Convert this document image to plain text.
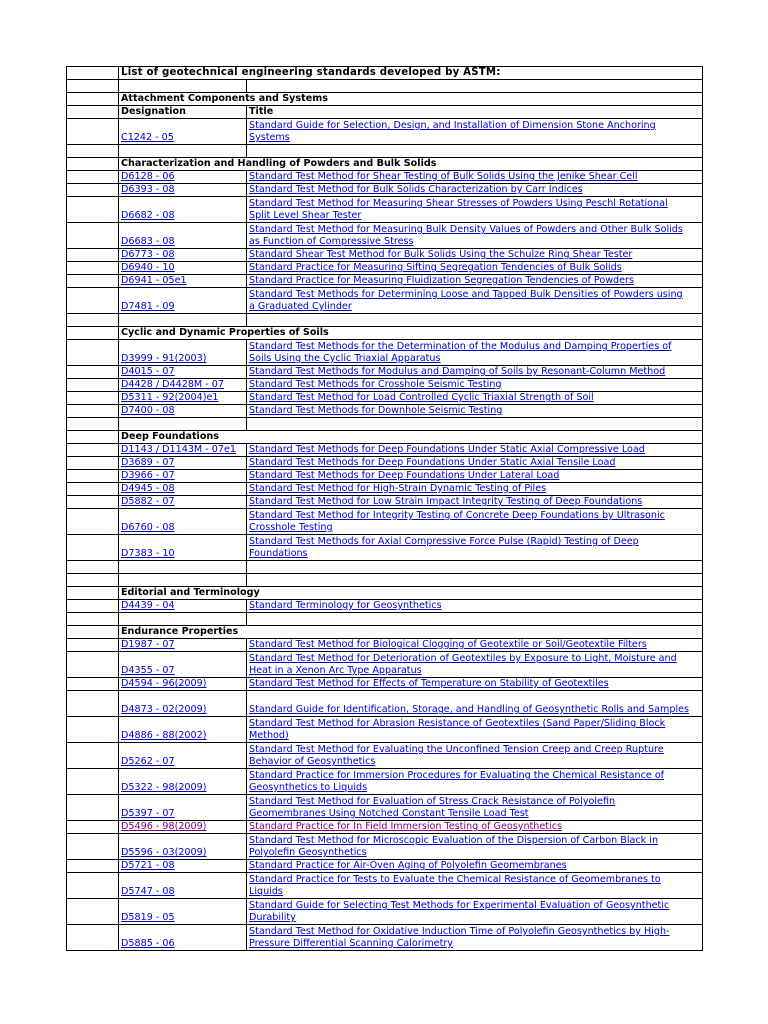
	List of geotechnical engineering standards developed by ASTM:	

	Attachment Components and Systems	
	Designation	Title
	C1242 - 05	Standard Guide for Selection, Design, and Installation of Dimension Stone Anchoring Systems

	Characterization and Handling of Powders and Bulk Solids	
	D6128 - 06	Standard Test Method for Shear Testing of Bulk Solids Using the Jenike Shear Cell
	D6393 - 08	Standard Test Method for Bulk Solids Characterization by Carr Indices
	D6682 - 08	Standard Test Method for Measuring Shear Stresses of Powders Using Peschl Rotational Split Level Shear Tester

	D6683 - 08	Standard Test Method for Measuring Bulk Density Values of Powders and Other Bulk Solids as Function of Compressive Stress

	D6773 - 08	Standard Shear Test Method for Bulk Solids Using the Schulze Ring Shear Tester
	D6940 - 10	Standard Practice for Measuring Sifting Segregation Tendencies of Bulk Solids
	D6941 - 05e1	Standard Practice for Measuring Fluidization Segregation Tendencies of Powders
	D7481 - 09	Standard Test Methods for Determining Loose and Tapped Bulk Densities of Powders using a Graduated Cylinder

	Cyclic and Dynamic Properties of Soils	
	D3999 - 91(2003)	Standard Test Methods for the Determination of the Modulus and Damping Properties of Soils Using the Cyclic Triaxial Apparatus

	D4015 - 07	Standard Test Methods for Modulus and Damping of Soils by Resonant-Column Method
	D4428 / D4428M - 07	Standard Test Methods for Crosshole Seismic Testing
	D5311 - 92(2004)e1	Standard Test Method for Load Controlled Cyclic Triaxial Strength of Soil
	D7400 - 08	Standard Test Methods for Downhole Seismic Testing

	Deep Foundations	
	D1143 / D1143M - 07e1	Standard Test Methods for Deep Foundations Under Static Axial Compressive Load
	D3689 - 07	Standard Test Methods for Deep Foundations Under Static Axial Tensile Load
	D3966 - 07	Standard Test Methods for Deep Foundations Under Lateral Load
	D4945 - 08	Standard Test Method for High-Strain Dynamic Testing of Piles
	D5882 - 07	Standard Test Method for Low Strain Impact Integrity Testing of Deep Foundations
	D6760 - 08	Standard Test Method for Integrity Testing of Concrete Deep Foundations by Ultrasonic Crosshole Testing

	D7383 - 10	Standard Test Methods for Axial Compressive Force Pulse (Rapid) Testing of Deep Foundations

	Editorial and Terminology	
	D4439 - 04	Standard Terminology for Geosynthetics

	Endurance Properties	
	D1987 - 07	Standard Test Method for Biological Clogging of Geotextile or Soil/Geotextile Filters
	D4355 - 07	Standard Test Method for Deterioration of Geotextiles by Exposure to Light, Moisture and Heat in a Xenon Arc Type Apparatus

	D4594 - 96(2009)	Standard Test Method for Effects of Temperature on Stability of Geotextiles
	D4873 - 02(2009)	Standard Guide for Identification, Storage, and Handling of Geosynthetic Rolls and Samples

	D4886 - 88(2002)	Standard Test Method for Abrasion Resistance of Geotextiles (Sand Paper/Sliding Block Method)

	D5262 - 07	Standard Test Method for Evaluating the Unconfined Tension Creep and Creep Rupture Behavior of Geosynthetics

	D5322 - 98(2009)	Standard Practice for Immersion Procedures for Evaluating the Chemical Resistance of Geosynthetics to Liquids

	D5397 - 07	Standard Test Method for Evaluation of Stress Crack Resistance of Polyolefin Geomembranes Using Notched Constant Tensile Load Test

	D5496 - 98(2009)	Standard Practice for In Field Immersion Testing of Geosynthetics
	D5596 - 03(2009)	Standard Test Method for Microscopic Evaluation of the Dispersion of Carbon Black in Polyolefin Geosynthetics

	D5721 - 08	Standard Practice for Air-Oven Aging of Polyolefin Geomembranes
	D5747 - 08	Standard Practice for Tests to Evaluate the Chemical Resistance of Geomembranes to Liquids

	D5819 - 05	Standard Guide for Selecting Test Methods for Experimental Evaluation of Geosynthetic Durability

	D5885 - 06	Standard Test Method for Oxidative Induction Time of Polyolefin Geosynthetics by High-Pressure Differential Scanning Calorimetry
